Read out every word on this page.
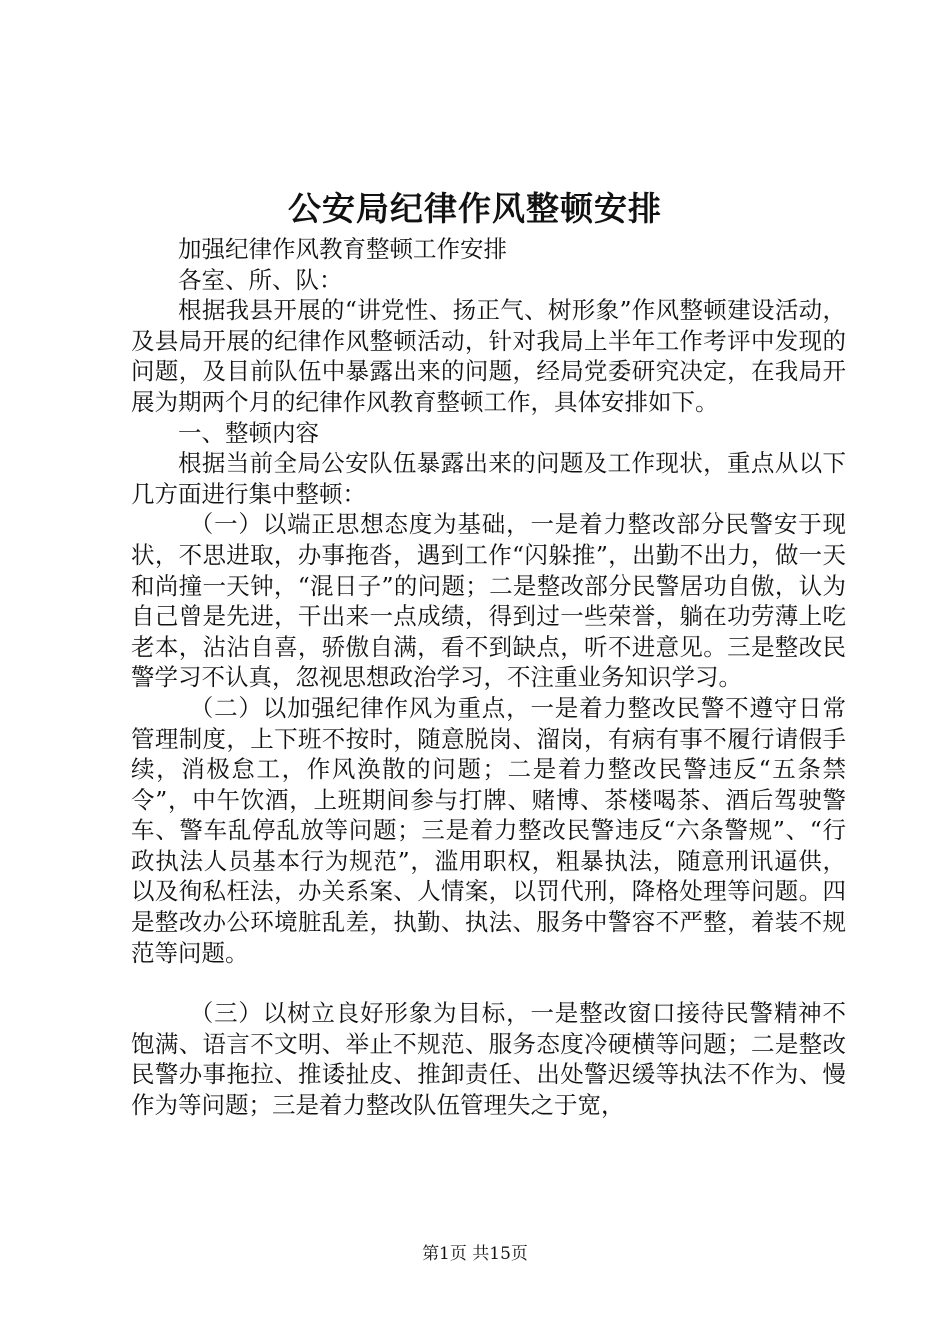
公安局纪律作风整顿安排

加强纪律作风教育整顿工作安排

各室、所、队：

根据我县开展的“讲党性、扬正气、树形象”作风整顿建设活动，及县局开展的纪律作风整顿活动，针对我局上半年工作考评中发现的问题，及目前队伍中暴露出来的问题，经局党委研究决定，在我局开展为期两个月的纪律作风教育整顿工作，具体安排如下。

一、整顿内容

根据当前全局公安队伍暴露出来的问题及工作现状，重点从以下几方面进行集中整顿：

（一）以端正思想态度为基础，一是着力整改部分民警安于现状，不思进取，办事拖沓，遇到工作“闪躲推”，出勤不出力，做一天和尚撞一天钟，“混日子”的问题；二是整改部分民警居功自傲，认为自己曾是先进，干出来一点成绩，得到过一些荣誉，躺在功劳薄上吃老本，沾沾自喜，骄傲自满，看不到缺点，听不进意见。三是整改民警学习不认真，忽视思想政治学习，不注重业务知识学习。

（二）以加强纪律作风为重点，一是着力整改民警不遵守日常管理制度，上下班不按时，随意脱岗、溜岗，有病有事不履行请假手续，消极怠工，作风涣散的问题；二是着力整改民警违反“五条禁令”，中午饮酒，上班期间参与打牌、赌博、茶楼喝茶、酒后驾驶警车、警车乱停乱放等问题；三是着力整改民警违反“六条警规”、“行政执法人员基本行为规范”，滥用职权，粗暴执法，随意刑讯逼供，以及徇私枉法，办关系案、人情案，以罚代刑，降格处理等问题。四是整改办公环境脏乱差，执勤、执法、服务中警容不严整，着装不规范等问题。

（三）以树立良好形象为目标，一是整改窗口接待民警精神不饱满、语言不文明、举止不规范、服务态度冷硬横等问题；二是整改民警办事拖拉、推诿扯皮、推卸责任、出处警迟缓等执法不作为、慢作为等问题；三是着力整改队伍管理失之于宽，

第1页 共15页
